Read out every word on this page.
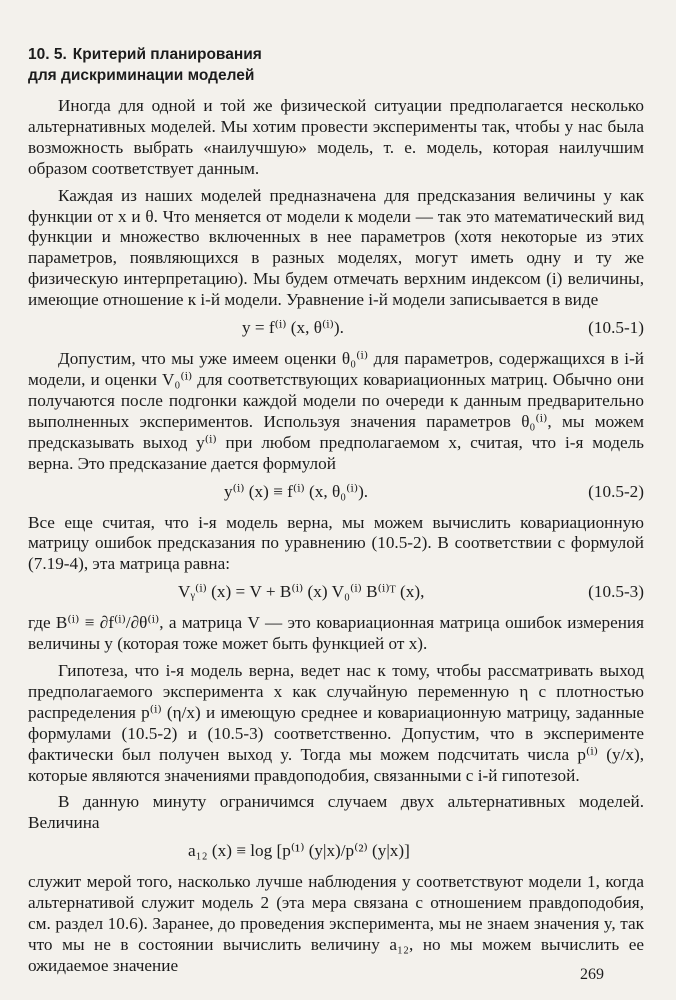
10. 5. Критерий планирования
для дискриминации моделей

Иногда для одной и той же физической ситуации предполагается несколько альтернативных моделей. Мы хотим провести эксперименты так, чтобы у нас была возможность выбрать «наилучшую» модель, т. е. модель, которая наилучшим образом соответствует данным.

Каждая из наших моделей предназначена для предсказания величины y как функции от x и θ. Что меняется от модели к модели — так это математический вид функции и множество включенных в нее параметров (хотя некоторые из этих параметров, появляющихся в разных моделях, могут иметь одну и ту же физическую интерпретацию). Мы будем отмечать верхним индексом (i) величины, имеющие отношение к i-й модели. Уравнение i-й модели записывается в виде

y = f⁽ⁱ⁾ (x, θ⁽ⁱ⁾).	(10.5-1)

Допустим, что мы уже имеем оценки θ₀⁽ⁱ⁾ для параметров, содержащихся в i-й модели, и оценки V₀⁽ⁱ⁾ для соответствующих ковариационных матриц. Обычно они получаются после подгонки каждой модели по очереди к данным предварительно выполненных экспериментов. Используя значения параметров θ₀⁽ⁱ⁾, мы можем предсказывать выход y⁽ⁱ⁾ при любом предполагаемом x, считая, что i-я модель верна. Это предсказание дается формулой

y⁽ⁱ⁾ (x) ≡ f⁽ⁱ⁾ (x, θ₀⁽ⁱ⁾).	(10.5-2)

Все еще считая, что i-я модель верна, мы можем вычислить ковариационную матрицу ошибок предсказания по уравнению (10.5-2). В соответствии с формулой (7.19-4), эта матрица равна:

Vᵧ⁽ⁱ⁾ (x) = V + B⁽ⁱ⁾ (x) V₀⁽ⁱ⁾ B⁽ⁱ⁾ᵀ (x),	(10.5-3)

где B⁽ⁱ⁾ ≡ ∂f⁽ⁱ⁾/∂θ⁽ⁱ⁾, а матрица V — это ковариационная матрица ошибок измерения величины y (которая тоже может быть функцией от x).

Гипотеза, что i-я модель верна, ведет нас к тому, чтобы рассматривать выход предполагаемого эксперимента x как случайную переменную η с плотностью распределения p⁽ⁱ⁾ (η/x) и имеющую среднее и ковариационную матрицу, заданные формулами (10.5-2) и (10.5-3) соответственно. Допустим, что в эксперименте фактически был получен выход y. Тогда мы можем подсчитать числа p⁽ⁱ⁾ (y/x), которые являются значениями правдоподобия, связанными с i-й гипотезой.

В данную минуту ограничимся случаем двух альтернативных моделей. Величина

a₁₂ (x) ≡ log [p⁽¹⁾ (y|x)/p⁽²⁾ (y|x)]

служит мерой того, насколько лучше наблюдения y соответствуют модели 1, когда альтернативой служит модель 2 (эта мера связана с отношением правдоподобия, см. раздел 10.6). Заранее, до проведения эксперимента, мы не знаем значения y, так что мы не в состоянии вычислить величину a₁₂, но мы можем вычислить ее ожидаемое значение	269
